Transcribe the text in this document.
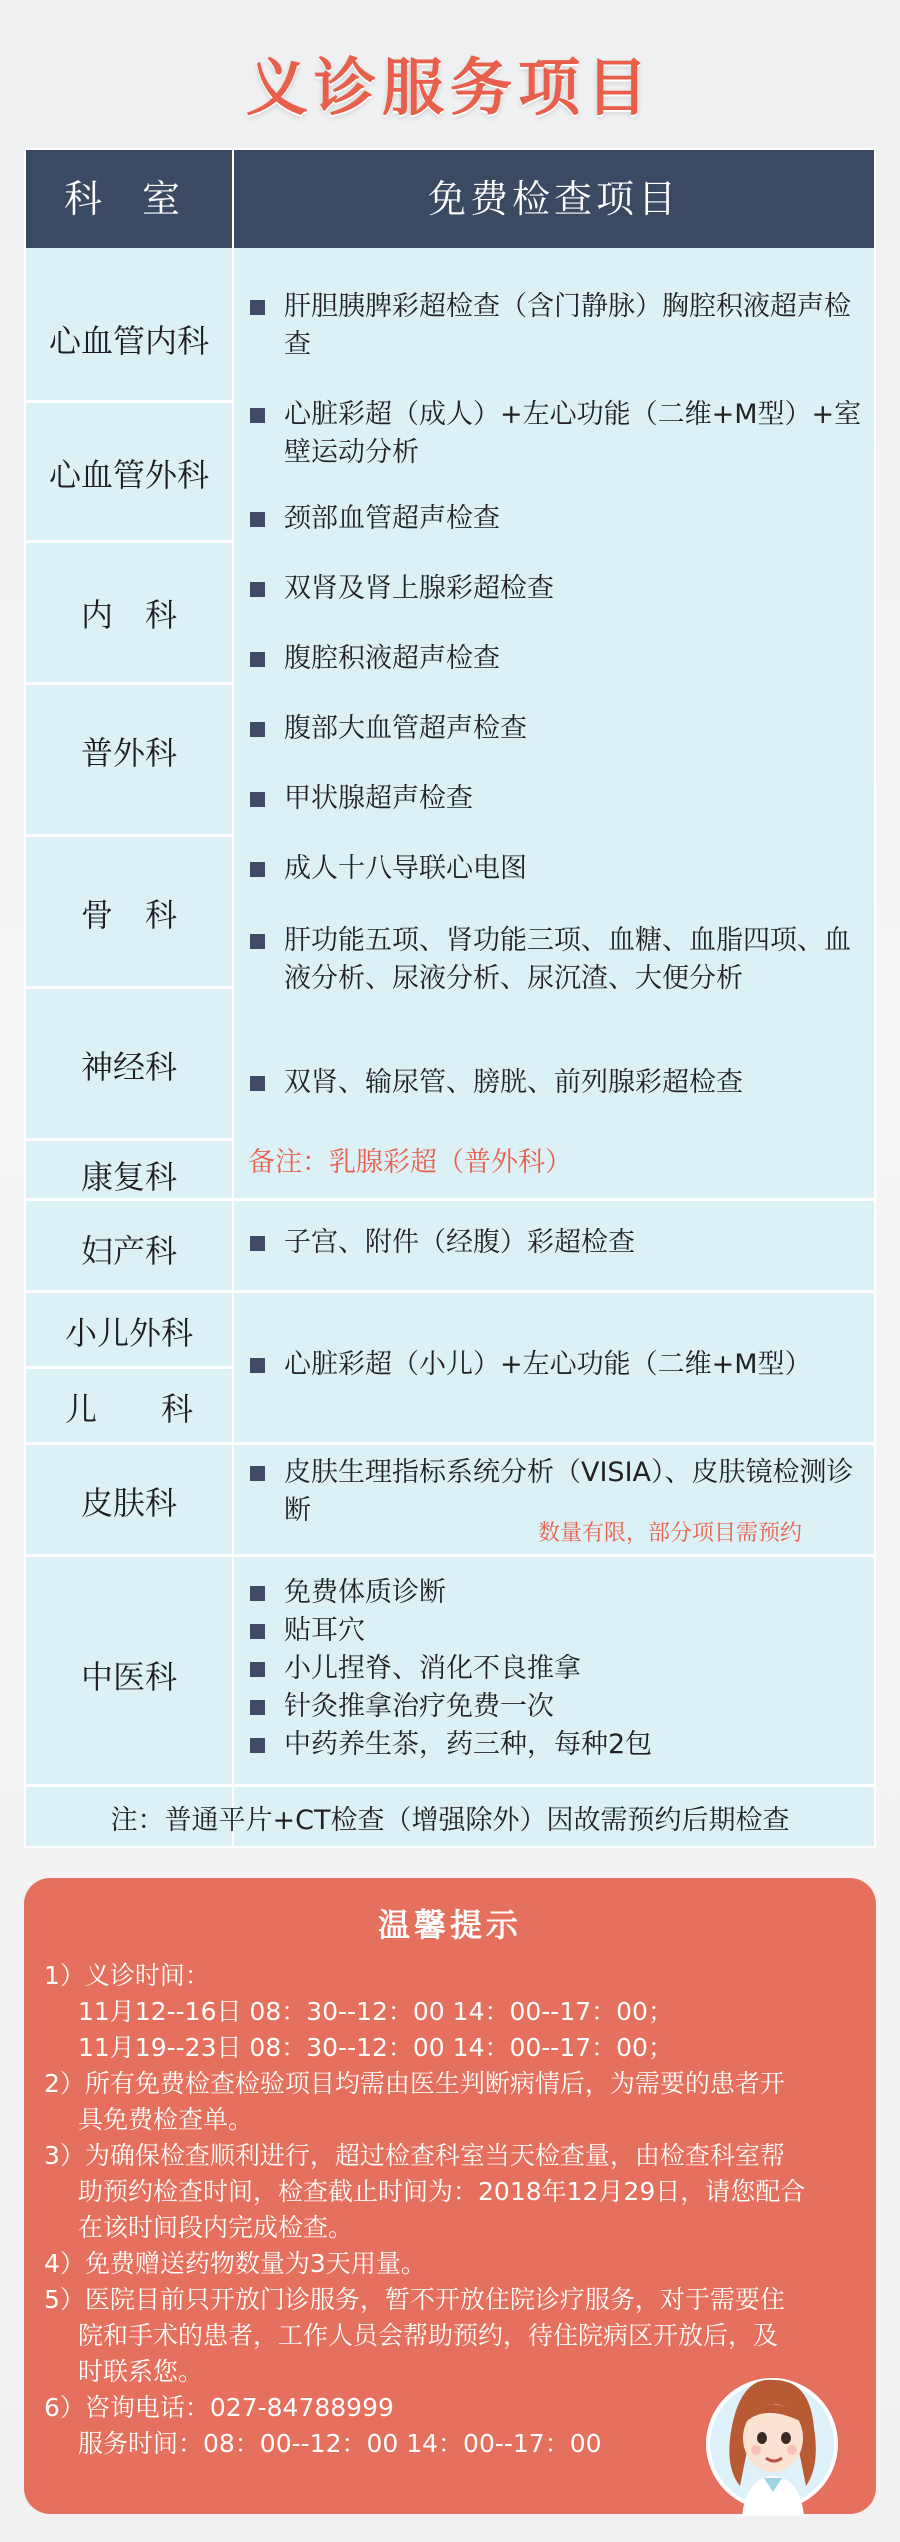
义诊服务项目
科 室	免费检查项目
心血管内科
心血管外科
内　科
普外科
骨　科
神经科
康复科
妇产科
小儿外科
儿　　科
皮肤科
中医科
肝胆胰脾彩超检查（含门静脉）胸腔积液超声检查
心脏彩超（成人）+左心功能（二维+M型）+室壁运动分析
颈部血管超声检查
双肾及肾上腺彩超检查
腹腔积液超声检查
腹部大血管超声检查
甲状腺超声检查
成人十八导联心电图
肝功能五项、肾功能三项、血糖、血脂四项、血液分析、尿液分析、尿沉渣、大便分析
双肾、输尿管、膀胱、前列腺彩超检查
备注：乳腺彩超（普外科）
子宫、附件（经腹）彩超检查
心脏彩超（小儿）+左心功能（二维+M型）
皮肤生理指标系统分析（VISIA）、皮肤镜检测诊断
数量有限，部分项目需预约
免费体质诊断
贴耳穴
小儿捏脊、消化不良推拿
针灸推拿治疗免费一次
中药养生茶，药三种，每种2包
注：普通平片+CT检查（增强除外）因故需预约后期检查
温馨提示
1）义诊时间：
11月12--16日 08：30--12：00 14：00--17：00；
11月19--23日 08：30--12：00 14：00--17：00；
2）所有免费检查检验项目均需由医生判断病情后，为需要的患者开
具免费检查单。
3）为确保检查顺利进行，超过检查科室当天检查量，由检查科室帮
助预约检查时间，检查截止时间为：2018年12月29日，请您配合
在该时间段内完成检查。
4）免费赠送药物数量为3天用量。
5）医院目前只开放门诊服务，暂不开放住院诊疗服务，对于需要住
院和手术的患者，工作人员会帮助预约，待住院病区开放后，及
时联系您。
6）咨询电话：027-84788999
服务时间：08：00--12：00 14：00--17：00
